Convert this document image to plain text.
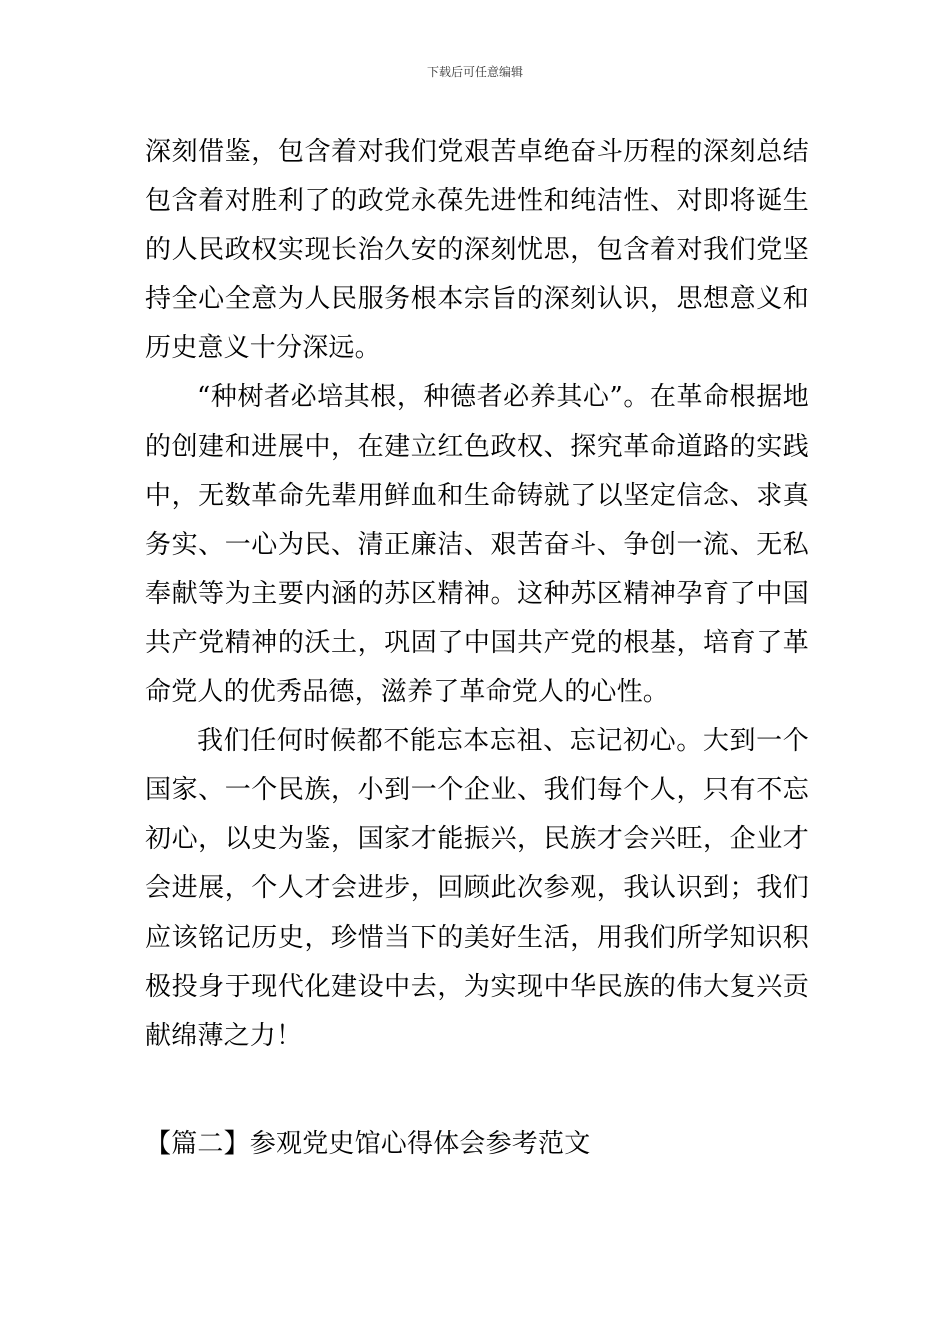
下载后可任意编辑

深刻借鉴，包含着对我们党艰苦卓绝奋斗历程的深刻总结包含着对胜利了的政党永葆先进性和纯洁性、对即将诞生的人民政权实现长治久安的深刻忧思，包含着对我们党坚持全心全意为人民服务根本宗旨的深刻认识，思想意义和历史意义十分深远。

“种树者必培其根，种德者必养其心”。在革命根据地的创建和进展中，在建立红色政权、探究革命道路的实践中，无数革命先辈用鲜血和生命铸就了以坚定信念、求真务实、一心为民、清正廉洁、艰苦奋斗、争创一流、无私奉献等为主要内涵的苏区精神。这种苏区精神孕育了中国共产党精神的沃土，巩固了中国共产党的根基，培育了革命党人的优秀品德，滋养了革命党人的心性。

我们任何时候都不能忘本忘祖、忘记初心。大到一个国家、一个民族，小到一个企业、我们每个人，只有不忘初心，以史为鉴，国家才能振兴，民族才会兴旺，企业才会进展，个人才会进步，回顾此次参观，我认识到；我们应该铭记历史，珍惜当下的美好生活，用我们所学知识积极投身于现代化建设中去，为实现中华民族的伟大复兴贡献绵薄之力！

【篇二】参观党史馆心得体会参考范文
